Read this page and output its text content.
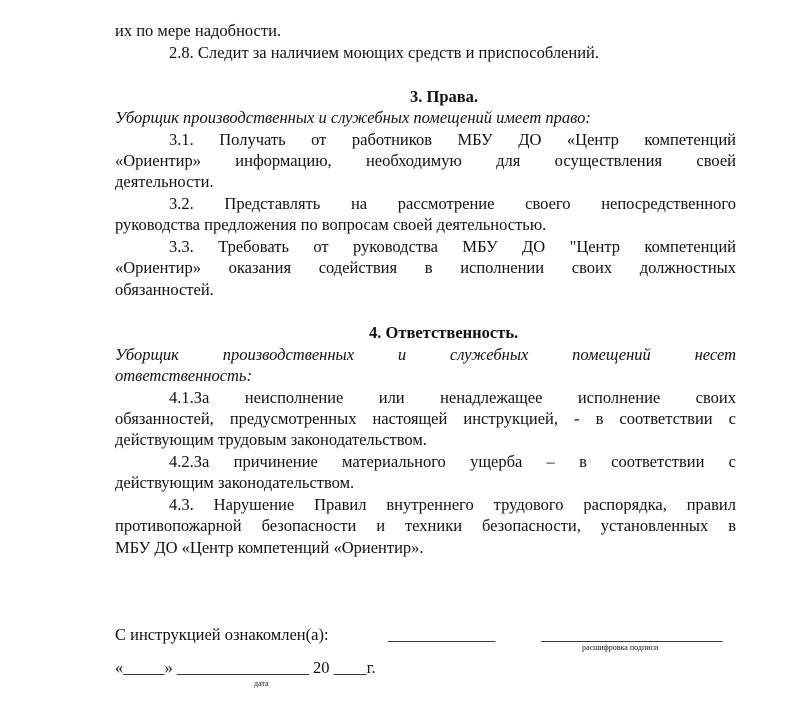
их по мере надобности.
2.8. Следит за наличием моющих средств и приспособлений.
3. Права.
Уборщик производственных и служебных помещений имеет право:
3.1. Получать от работников МБУ ДО «Центр компетенций
«Ориентир» информацию, необходимую для осуществления своей
деятельности.
3.2. Представлять на рассмотрение своего непосредственного
руководства предложения по вопросам своей деятельностью.
3.3. Требовать от руководства МБУ ДО "Центр компетенций
«Ориентир» оказания содействия в исполнении своих должностных
обязанностей.
4. Ответственность.
Уборщик производственных и служебных помещений несет
ответственность:
4.1.За неисполнение или ненадлежащее исполнение своих
обязанностей, предусмотренных настоящей инструкцией, - в соответствии с
действующим трудовым законодательством.
4.2.За причинение материального ущерба – в соответствии с
действующим законодательством.
4.3. Нарушение Правил внутреннего трудового распорядка, правил
противопожарной безопасности и техники безопасности, установленных в
МБУ ДО «Центр компетенций «Ориентир».
С инструкцией ознакомлен(а):	_____________	______________________
расшифровка подписи
«_____» ________________ 20 ____г.
дата
